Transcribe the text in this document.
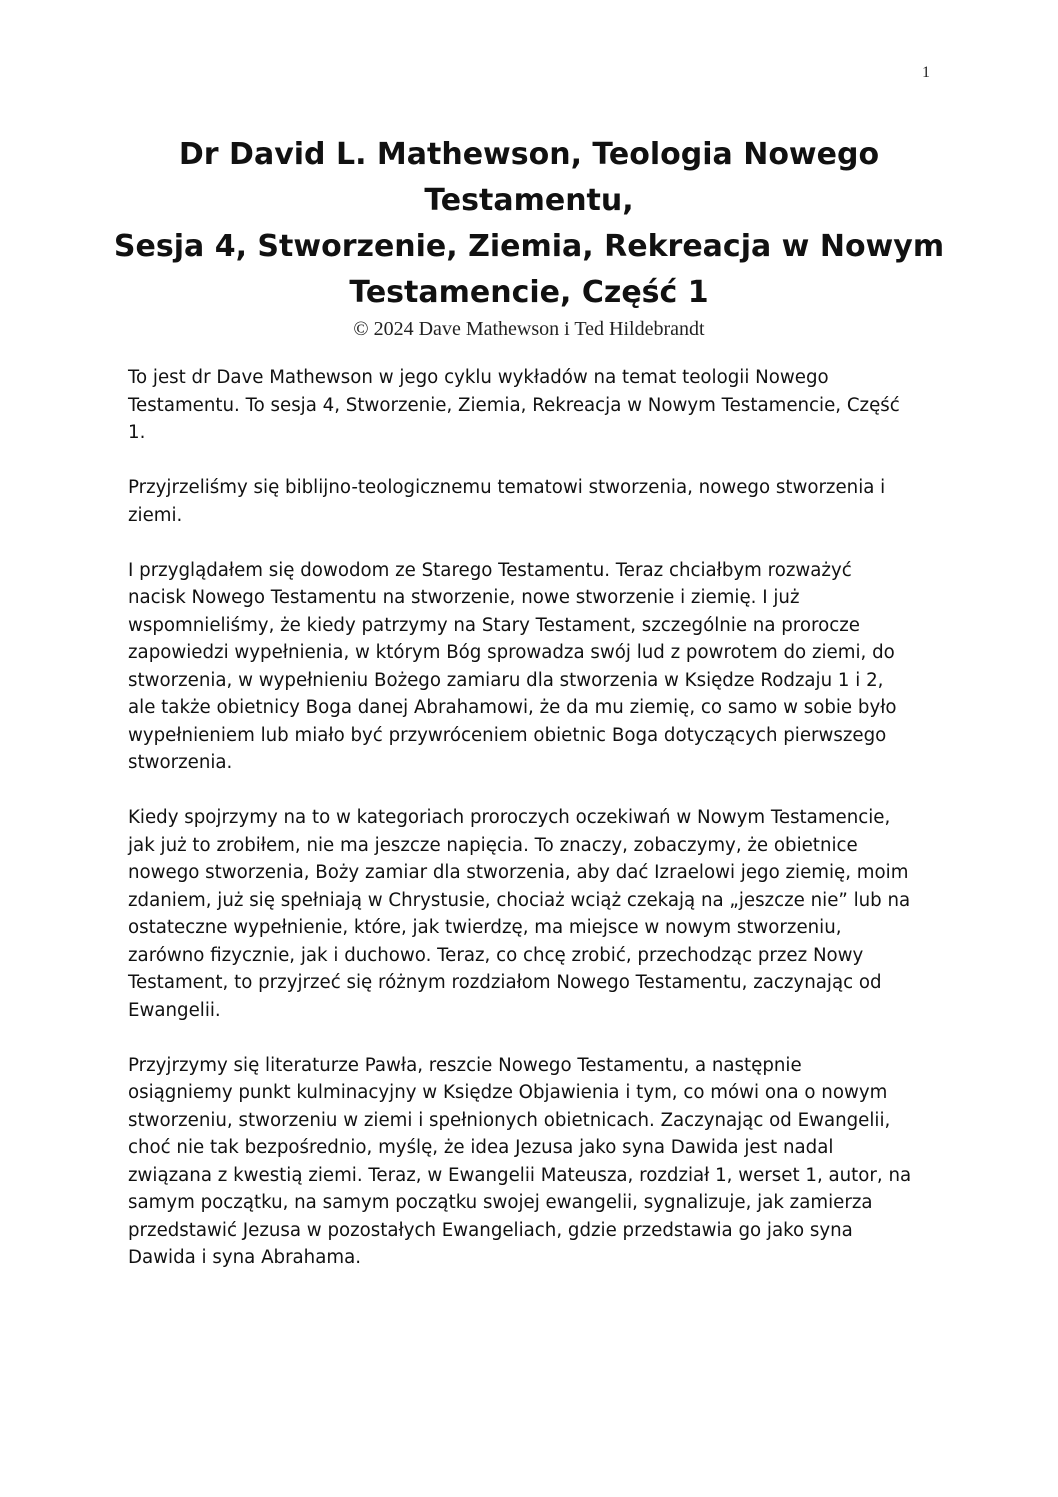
1
Dr David L. Mathewson, Teologia Nowego
Testamentu,
Sesja 4, Stworzenie, Ziemia, Rekreacja w Nowym
Testamencie, Część 1
© 2024 Dave Mathewson i Ted Hildebrandt

To jest dr Dave Mathewson w jego cyklu wykładów na temat teologii Nowego
Testamentu. To sesja 4, Stworzenie, Ziemia, Rekreacja w Nowym Testamencie, Część
1.

Przyjrzeliśmy się biblijno-teologicznemu tematowi stworzenia, nowego stworzenia i
ziemi.

I przyglądałem się dowodom ze Starego Testamentu. Teraz chciałbym rozważyć
nacisk Nowego Testamentu na stworzenie, nowe stworzenie i ziemię. I już
wspomnieliśmy, że kiedy patrzymy na Stary Testament, szczególnie na prorocze
zapowiedzi wypełnienia, w którym Bóg sprowadza swój lud z powrotem do ziemi, do
stworzenia, w wypełnieniu Bożego zamiaru dla stworzenia w Księdze Rodzaju 1 i 2,
ale także obietnicy Boga danej Abrahamowi, że da mu ziemię, co samo w sobie było
wypełnieniem lub miało być przywróceniem obietnic Boga dotyczących pierwszego
stworzenia.

Kiedy spojrzymy na to w kategoriach proroczych oczekiwań w Nowym Testamencie,
jak już to zrobiłem, nie ma jeszcze napięcia. To znaczy, zobaczymy, że obietnice
nowego stworzenia, Boży zamiar dla stworzenia, aby dać Izraelowi jego ziemię, moim
zdaniem, już się spełniają w Chrystusie, chociaż wciąż czekają na „jeszcze nie” lub na
ostateczne wypełnienie, które, jak twierdzę, ma miejsce w nowym stworzeniu,
zarówno fizycznie, jak i duchowo. Teraz, co chcę zrobić, przechodząc przez Nowy
Testament, to przyjrzeć się różnym rozdziałom Nowego Testamentu, zaczynając od
Ewangelii.

Przyjrzymy się literaturze Pawła, reszcie Nowego Testamentu, a następnie
osiągniemy punkt kulminacyjny w Księdze Objawienia i tym, co mówi ona o nowym
stworzeniu, stworzeniu w ziemi i spełnionych obietnicach. Zaczynając od Ewangelii,
choć nie tak bezpośrednio, myślę, że idea Jezusa jako syna Dawida jest nadal
związana z kwestią ziemi. Teraz, w Ewangelii Mateusza, rozdział 1, werset 1, autor, na
samym początku, na samym początku swojej ewangelii, sygnalizuje, jak zamierza
przedstawić Jezusa w pozostałych Ewangeliach, gdzie przedstawia go jako syna
Dawida i syna Abrahama.
